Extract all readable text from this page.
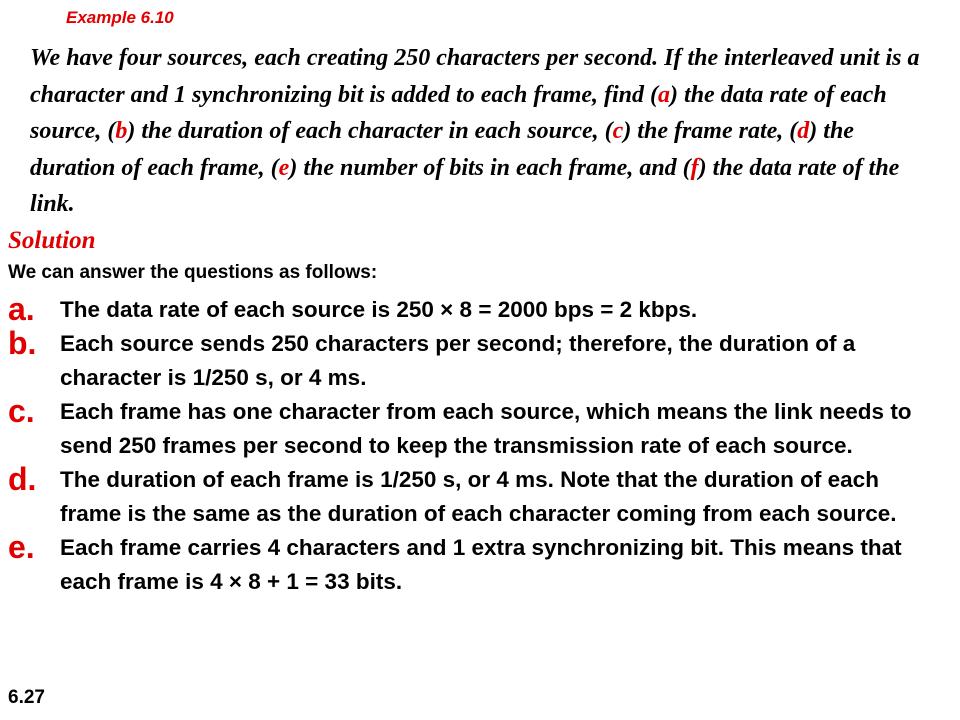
Example 6.10

We have four sources, each creating 250 characters per second. If the interleaved unit is a character and 1 synchronizing bit is added to each frame, find (a) the data rate of each source, (b) the duration of each character in each source, (c) the frame rate, (d) the duration of each frame, (e) the number of bits in each frame, and (f) the data rate of the link.

Solution

We can answer the questions as follows:

a. The data rate of each source is 250 × 8 = 2000 bps = 2 kbps.
b. Each source sends 250 characters per second; therefore, the duration of a character is 1/250 s, or 4 ms.
c. Each frame has one character from each source, which means the link needs to send 250 frames per second to keep the transmission rate of each source.
d. The duration of each frame is 1/250 s, or 4 ms. Note that the duration of each frame is the same as the duration of each character coming from each source.
e. Each frame carries 4 characters and 1 extra synchronizing bit. This means that each frame is 4 × 8 + 1 = 33 bits.

6.27
